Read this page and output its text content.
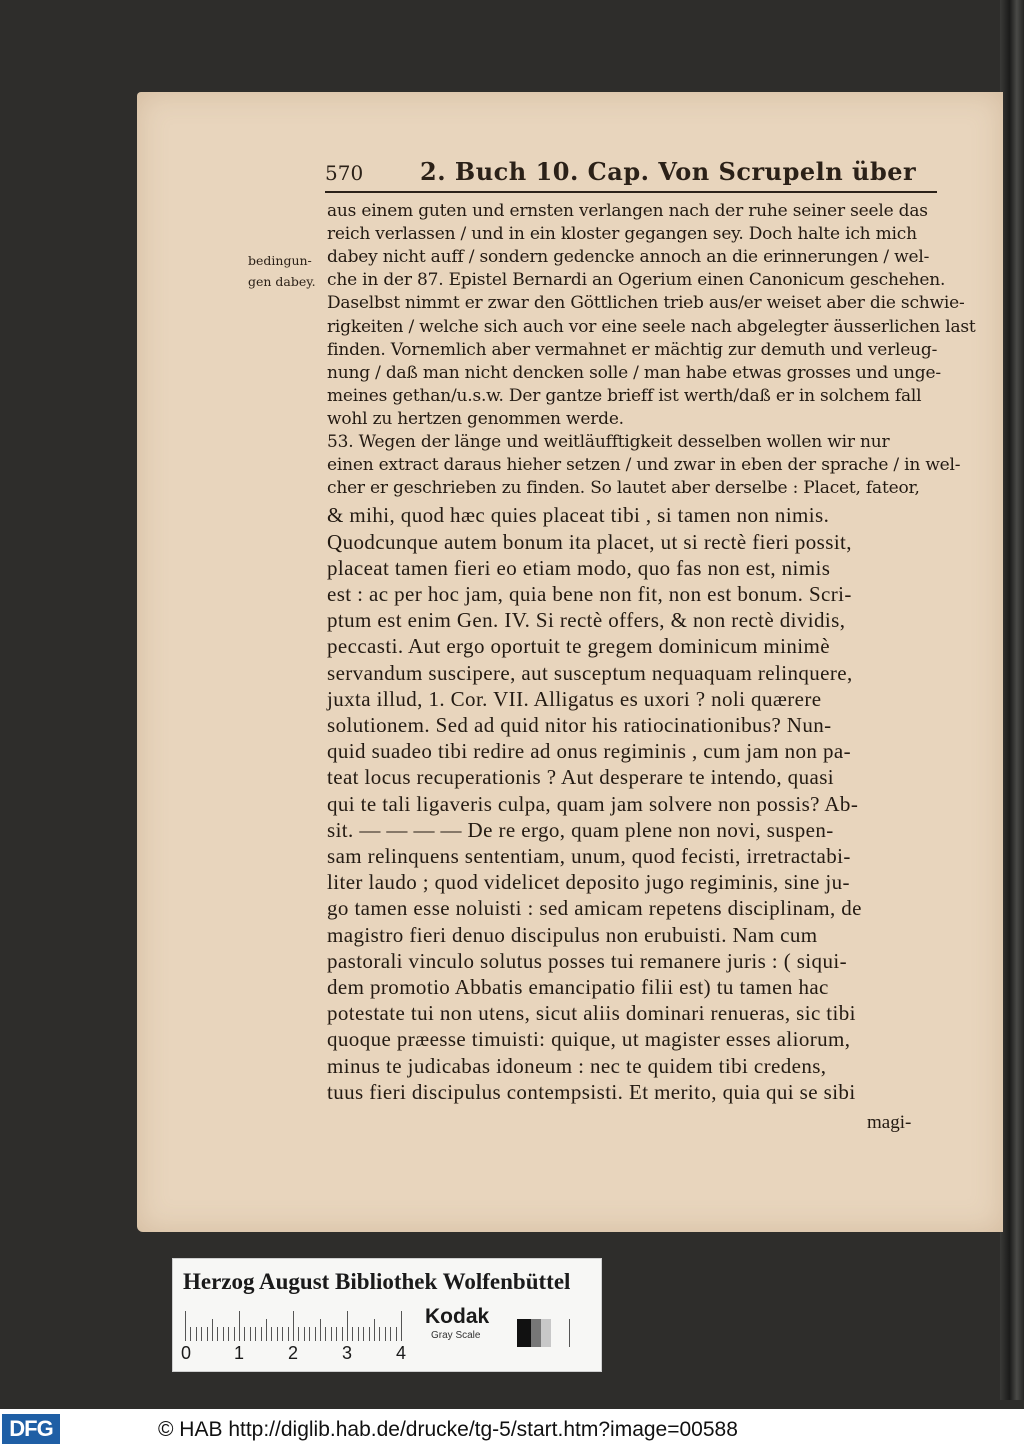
570 2. Buch 10. Cap. Von Scrupeln über
bedingun-
gen dabey.
aus einem guten und ernsten verlangen nach der ruhe seiner seele das
reich verlassen / und in ein kloster gegangen sey. Doch halte ich mich
dabey nicht auff / sondern gedencke annoch an die erinnerungen / wel-
che in der 87. Epistel Bernardi an Ogerium einen Canonicum geschehen.
Daselbst nimmt er zwar den Göttlichen trieb aus/er weiset aber die schwie-
rigkeiten / welche sich auch vor eine seele nach abgelegter äusserlichen last
finden. Vornemlich aber vermahnet er mächtig zur demuth und verleug-
nung / daß man nicht dencken solle / man habe etwas grosses und unge-
meines gethan/u.s.w. Der gantze brieff ist werth/daß er in solchem fall
wohl zu hertzen genommen werde.
53. Wegen der länge und weitläufftigkeit desselben wollen wir nur
einen extract daraus hieher setzen / und zwar in eben der sprache / in wel-
cher er geschrieben zu finden. So lautet aber derselbe : Placet, fateor,
& mihi, quod hæc quies placeat tibi , si tamen non nimis.
Quodcunque autem bonum ita placet, ut si rectè fieri possit,
placeat tamen fieri eo etiam modo, quo fas non est, nimis
est : ac per hoc jam, quia bene non fit, non est bonum. Scri-
ptum est enim Gen. IV. Si rectè offers, & non rectè dividis,
peccasti. Aut ergo oportuit te gregem dominicum minimè
servandum suscipere, aut susceptum nequaquam relinquere,
juxta illud, 1. Cor. VII. Alligatus es uxori ? noli quærere
solutionem. Sed ad quid nitor his ratiocinationibus? Nun-
quid suadeo tibi redire ad onus regiminis , cum jam non pa-
teat locus recuperationis ? Aut desperare te intendo, quasi
qui te tali ligaveris culpa, quam jam solvere non possis? Ab-
sit. — — — — De re ergo, quam plene non novi, suspen-
sam relinquens sententiam, unum, quod fecisti, irretractabi-
liter laudo ; quod videlicet deposito jugo regiminis, sine ju-
go tamen esse noluisti : sed amicam repetens disciplinam, de
magistro fieri denuo discipulus non erubuisti. Nam cum
pastorali vinculo solutus posses tui remanere juris : ( siqui-
dem promotio Abbatis emancipatio filii est) tu tamen hac
potestate tui non utens, sicut aliis dominari renueras, sic tibi
quoque præesse timuisti: quique, ut magister esses aliorum,
minus te judicabas idoneum : nec te quidem tibi credens,
tuus fieri discipulus contempsisti. Et merito, quia qui se sibi
magi-
Herzog August Bibliothek Wolfenbüttel
0 1 2 3 4
Kodak
Gray Scale
DFG	© HAB http://diglib.hab.de/drucke/tg-5/start.htm?image=00588
